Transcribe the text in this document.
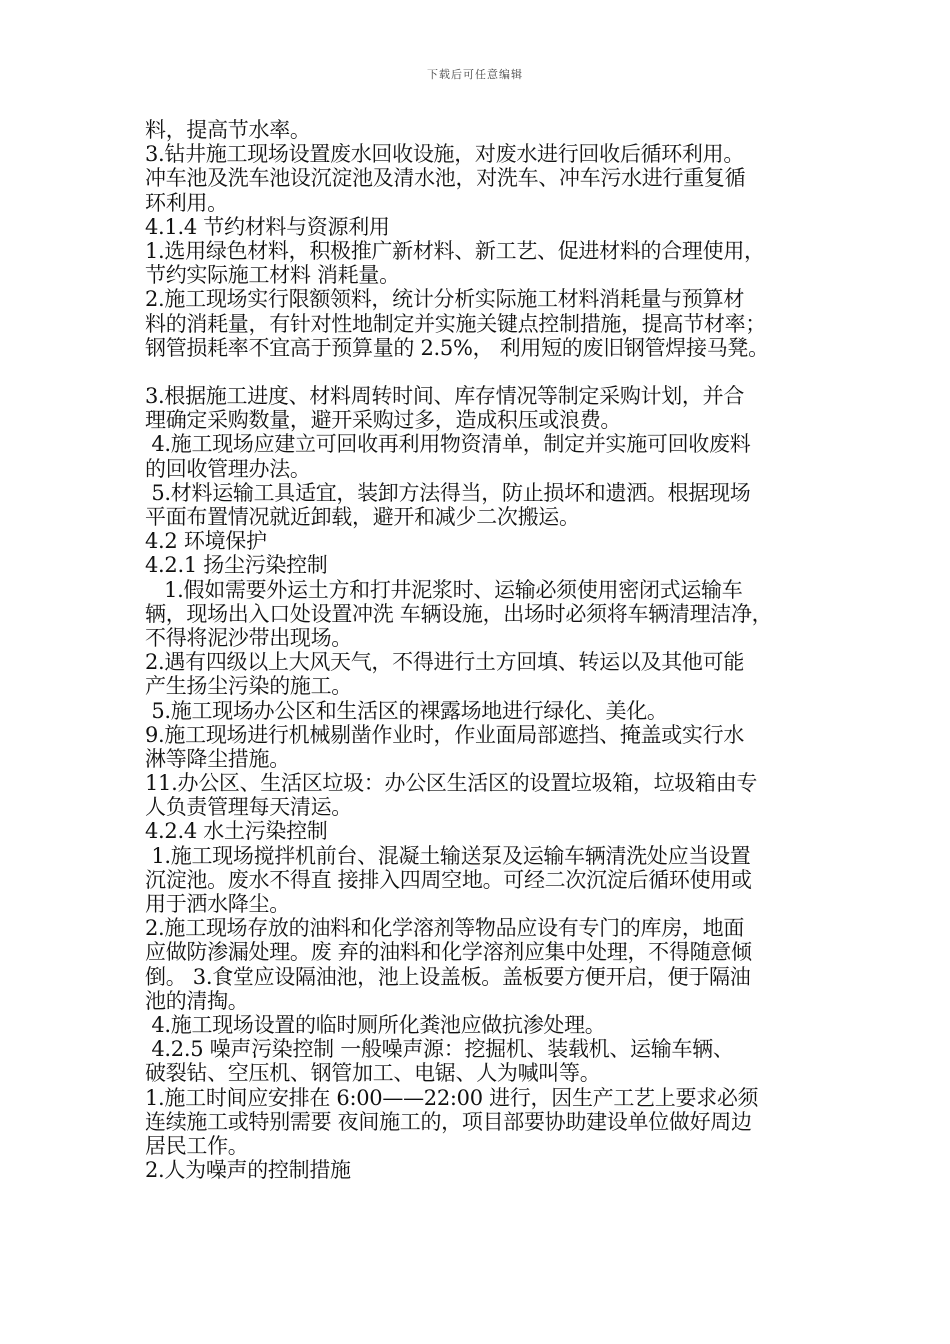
下载后可任意编辑
料，提高节水率。
3.钻井施工现场设置废水回收设施，对废水进行回收后循环利用。
冲车池及洗车池设沉淀池及清水池，对洗车、冲车污水进行重复循
环利用。
4.1.4 节约材料与资源利用
1.选用绿色材料，积极推广新材料、新工艺、促进材料的合理使用，
节约实际施工材料 消耗量。
2.施工现场实行限额领料，统计分析实际施工材料消耗量与预算材
料的消耗量，有针对性地制定并实施关键点控制措施，提高节材率；
钢管损耗率不宜高于预算量的 2.5%， 利用短的废旧钢管焊接马凳。
3.根据施工进度、材料周转时间、库存情况等制定采购计划，并合
理确定采购数量，避开采购过多，造成积压或浪费。
4.施工现场应建立可回收再利用物资清单，制定并实施可回收废料
的回收管理办法。
5.材料运输工具适宜，装卸方法得当，防止损坏和遗洒。根据现场
平面布置情况就近卸载，避开和减少二次搬运。
4.2 环境保护
4.2.1 扬尘污染控制
1.假如需要外运土方和打井泥浆时、运输必须使用密闭式运输车
辆，现场出入口处设置冲洗 车辆设施，出场时必须将车辆清理洁净，
不得将泥沙带出现场。
2.遇有四级以上大风天气，不得进行土方回填、转运以及其他可能
产生扬尘污染的施工。
5.施工现场办公区和生活区的裸露场地进行绿化、美化。
9.施工现场进行机械剔凿作业时，作业面局部遮挡、掩盖或实行水
淋等降尘措施。
11.办公区、生活区垃圾：办公区生活区的设置垃圾箱，垃圾箱由专
人负责管理每天清运。
4.2.4 水土污染控制
1.施工现场搅拌机前台、混凝土输送泵及运输车辆清洗处应当设置
沉淀池。废水不得直 接排入四周空地。可经二次沉淀后循环使用或
用于洒水降尘。
2.施工现场存放的油料和化学溶剂等物品应设有专门的库房，地面
应做防渗漏处理。废 弃的油料和化学溶剂应集中处理，不得随意倾
倒。 3.食堂应设隔油池，池上设盖板。盖板要方便开启，便于隔油
池的清掏。
4.施工现场设置的临时厕所化粪池应做抗渗处理。
4.2.5 噪声污染控制 一般噪声源：挖掘机、装载机、运输车辆、
破裂钻、空压机、钢管加工、电锯、人为喊叫等。
1.施工时间应安排在 6:00——22:00 进行，因生产工艺上要求必须
连续施工或特别需要 夜间施工的，项目部要协助建设单位做好周边
居民工作。
2.人为噪声的控制措施
